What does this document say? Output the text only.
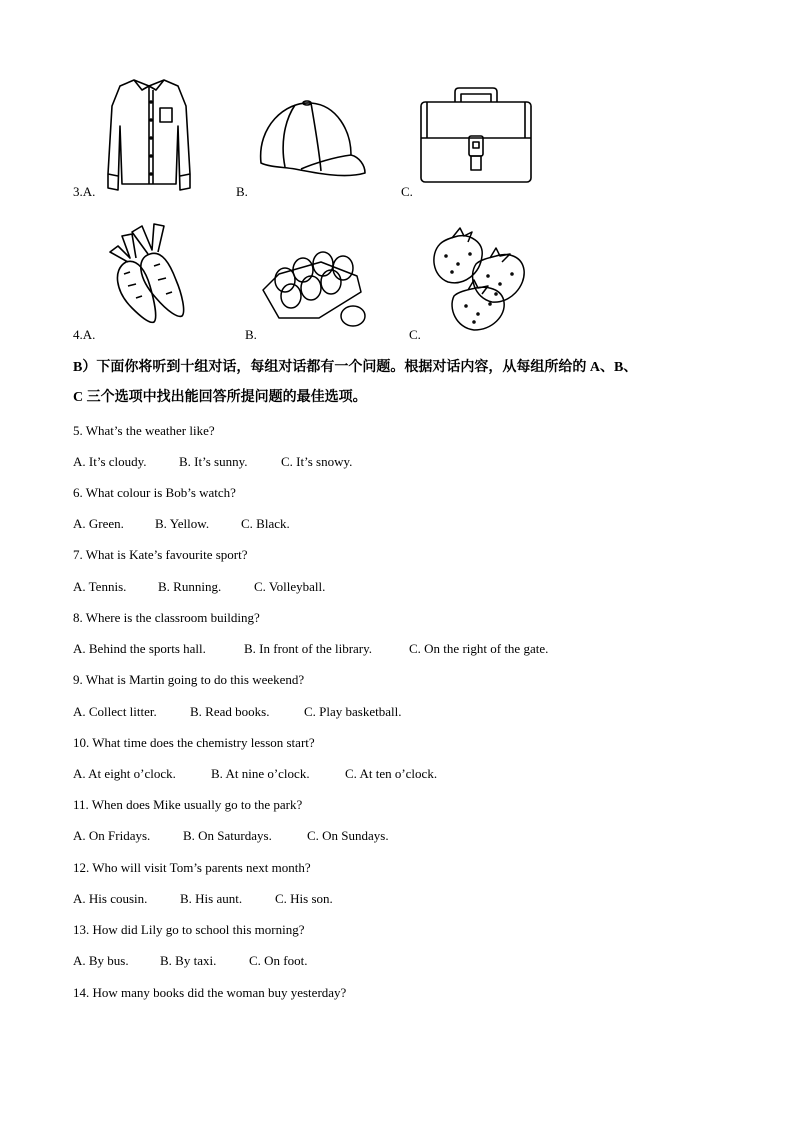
3.A.	B.	C.
4.A.	B.	C.
B）下面你将听到十组对话，每组对话都有一个问题。根据对话内容，从每组所给的 A、B、
C 三个选项中找出能回答所提问题的最佳选项。
5. What’s the weather like?
A. It’s cloudy. B. It’s sunny.	C. It’s snowy.
6. What colour is Bob’s watch?
A. Green. B. Yellow. C. Black.
7. What is Kate’s favourite sport?
A. Tennis. B. Running.	C. Volleyball.
8. Where is the classroom building?
A. Behind the sports hall.	B. In front of the library.	C. On the right of the gate.
9. What is Martin going to do this weekend?
A. Collect litter.	B. Read books.	C. Play basketball.
10. What time does the chemistry lesson start?
A. At eight o’clock.	B. At nine o’clock.	C. At ten o’clock.
11. When does Mike usually go to the park?
A. On Fridays.	B. On Saturdays.	C. On Sundays.
12. Who will visit Tom’s parents next month?
A. His cousin.	B. His aunt.	C. His son.
13. How did Lily go to school this morning?
A. By bus. B. By taxi.	C. On foot.
14. How many books did the woman buy yesterday?
